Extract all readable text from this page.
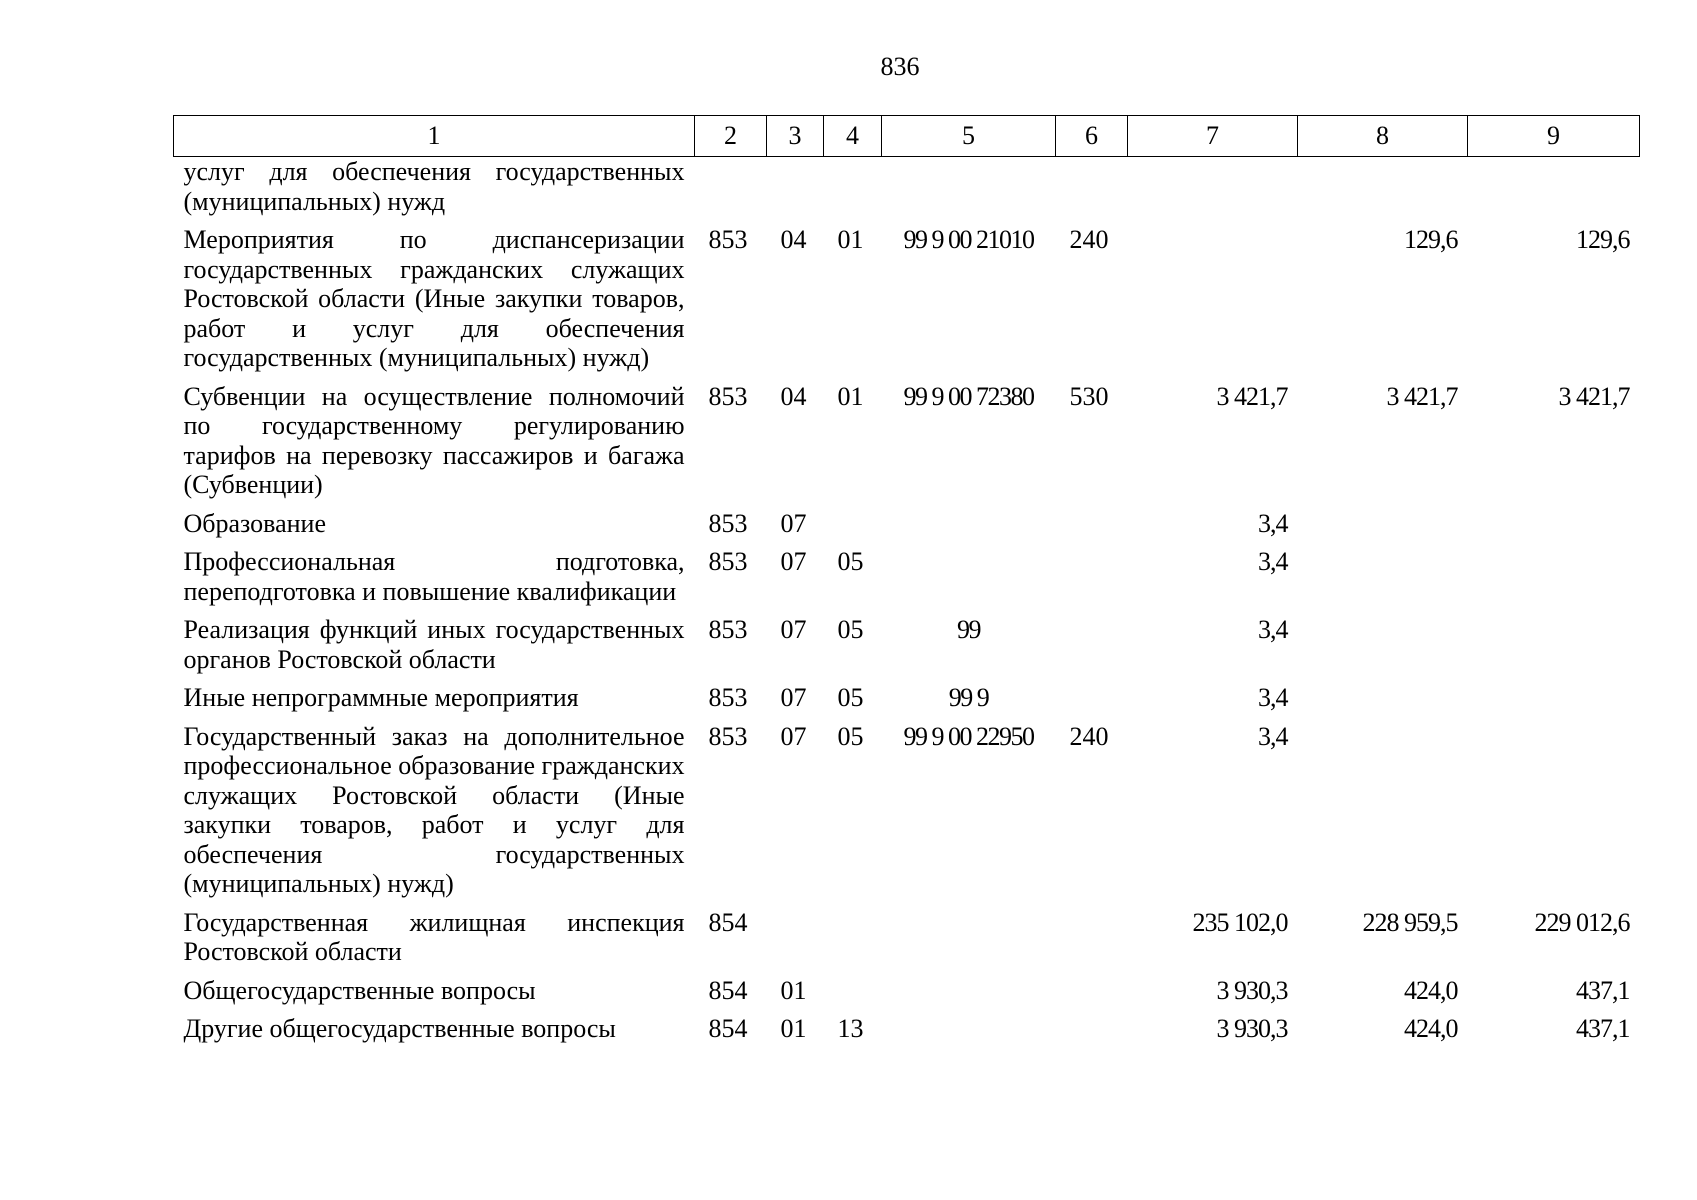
836
1	2	3	4	5	6	7	8	9
услуг для обеспечения государственных (муниципальных) нужд								
Мероприятия по диспансеризации государственных гражданских служащих Ростовской области (Иные закупки товаров, работ и услуг для обеспечения государственных (муниципальных) нужд)	853	04	01	99 9 00 21010	240		129,6	129,6
Субвенции на осуществление полномочий по государственному регулированию тарифов на перевозку пассажиров и багажа (Субвенции)	853	04	01	99 9 00 72380	530	3 421,7	3 421,7	3 421,7
Образование	853	07				3,4		
Профессиональная подготовка, переподготовка и повышение квалификации	853	07	05			3,4		
Реализация функций иных государственных органов Ростовской области	853	07	05	99		3,4		
Иные непрограммные мероприятия	853	07	05	99 9		3,4		
Государственный заказ на дополнительное профессиональное образование гражданских служащих Ростовской области (Иные закупки товаров, работ и услуг для обеспечения государственных (муниципальных) нужд)	853	07	05	99 9 00 22950	240	3,4		
Государственная жилищная инспекция Ростовской области	854					235 102,0	228 959,5	229 012,6
Общегосударственные вопросы	854	01				3 930,3	424,0	437,1
Другие общегосударственные вопросы	854	01	13			3 930,3	424,0	437,1
